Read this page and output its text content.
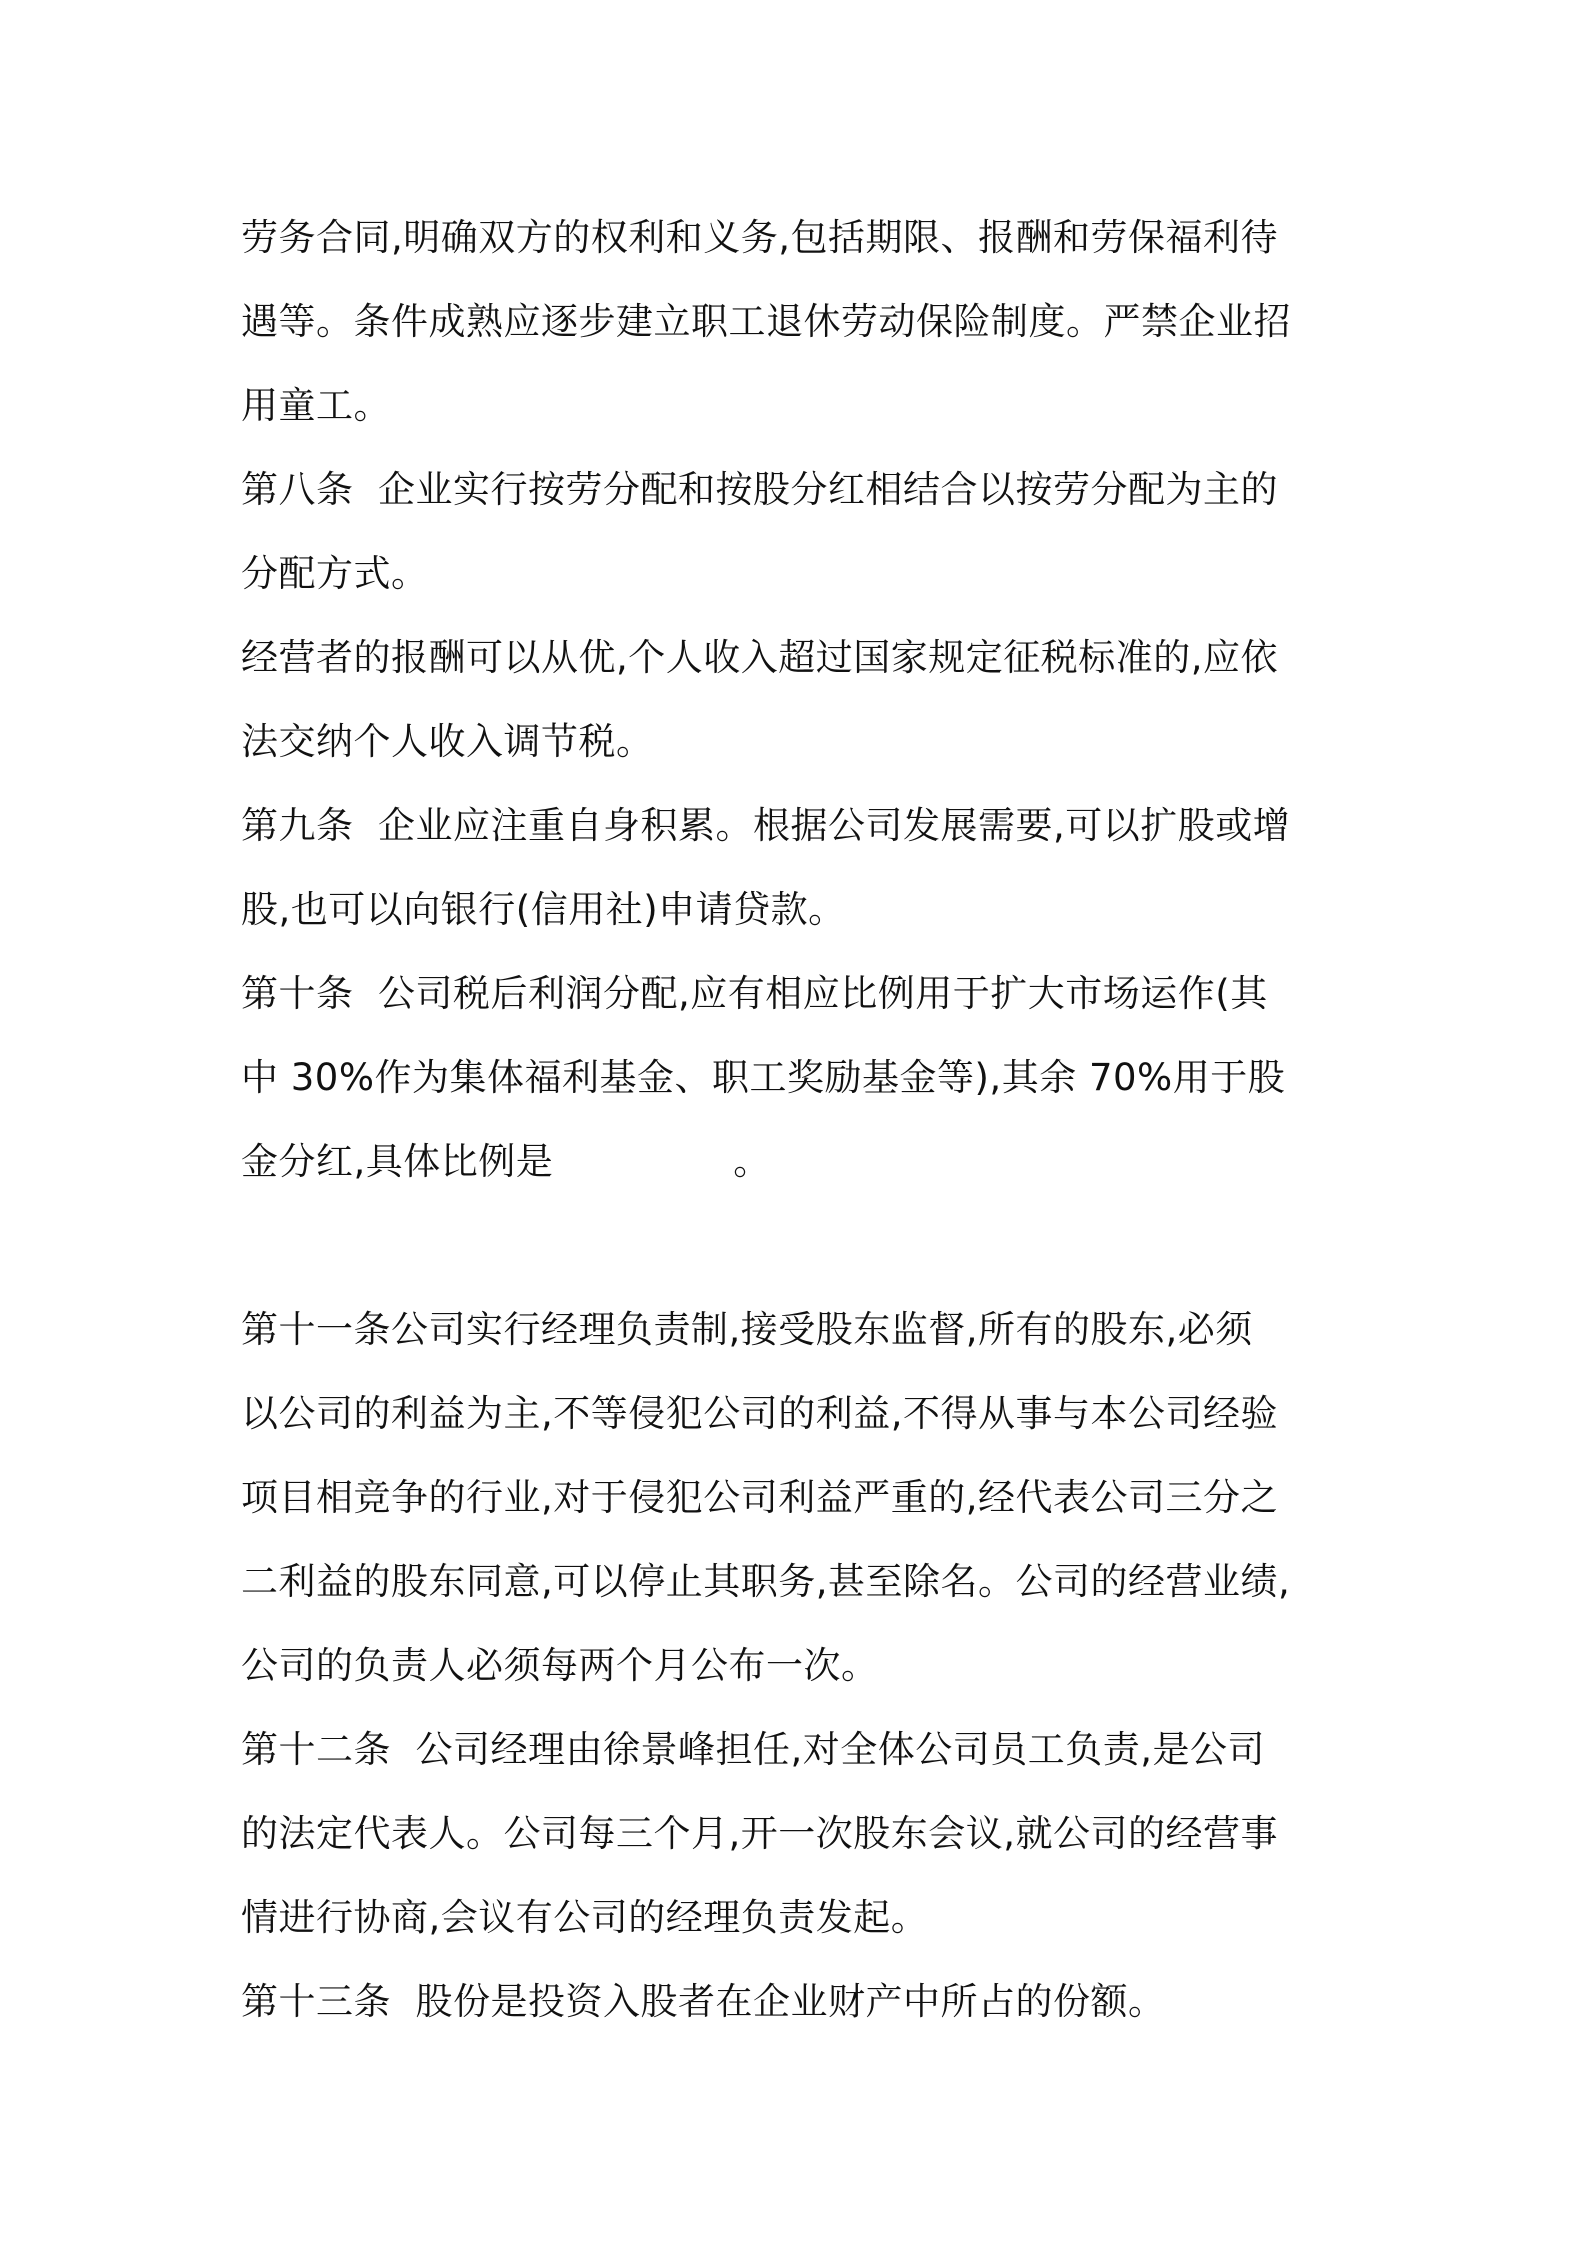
劳务合同,明确双方的权利和义务,包括期限、报酬和劳保福利待

遇等。条件成熟应逐步建立职工退休劳动保险制度。严禁企业招

用童工。

第八条  企业实行按劳分配和按股分红相结合以按劳分配为主的

分配方式。

经营者的报酬可以从优,个人收入超过国家规定征税标准的,应依

法交纳个人收入调节税。

第九条  企业应注重自身积累。根据公司发展需要,可以扩股或增

股,也可以向银行(信用社)申请贷款。

第十条  公司税后利润分配,应有相应比例用于扩大市场运作(其

中 30%作为集体福利基金、职工奖励基金等),其余 70%用于股

金分红,具体比例是	。

第十一条公司实行经理负责制,接受股东监督,所有的股东,必须

以公司的利益为主,不等侵犯公司的利益,不得从事与本公司经验

项目相竞争的行业,对于侵犯公司利益严重的,经代表公司三分之

二利益的股东同意,可以停止其职务,甚至除名。公司的经营业绩,

公司的负责人必须每两个月公布一次。

第十二条  公司经理由徐景峰担任,对全体公司员工负责,是公司

的法定代表人。公司每三个月,开一次股东会议,就公司的经营事

情进行协商,会议有公司的经理负责发起。

第十三条  股份是投资入股者在企业财产中所占的份额。
